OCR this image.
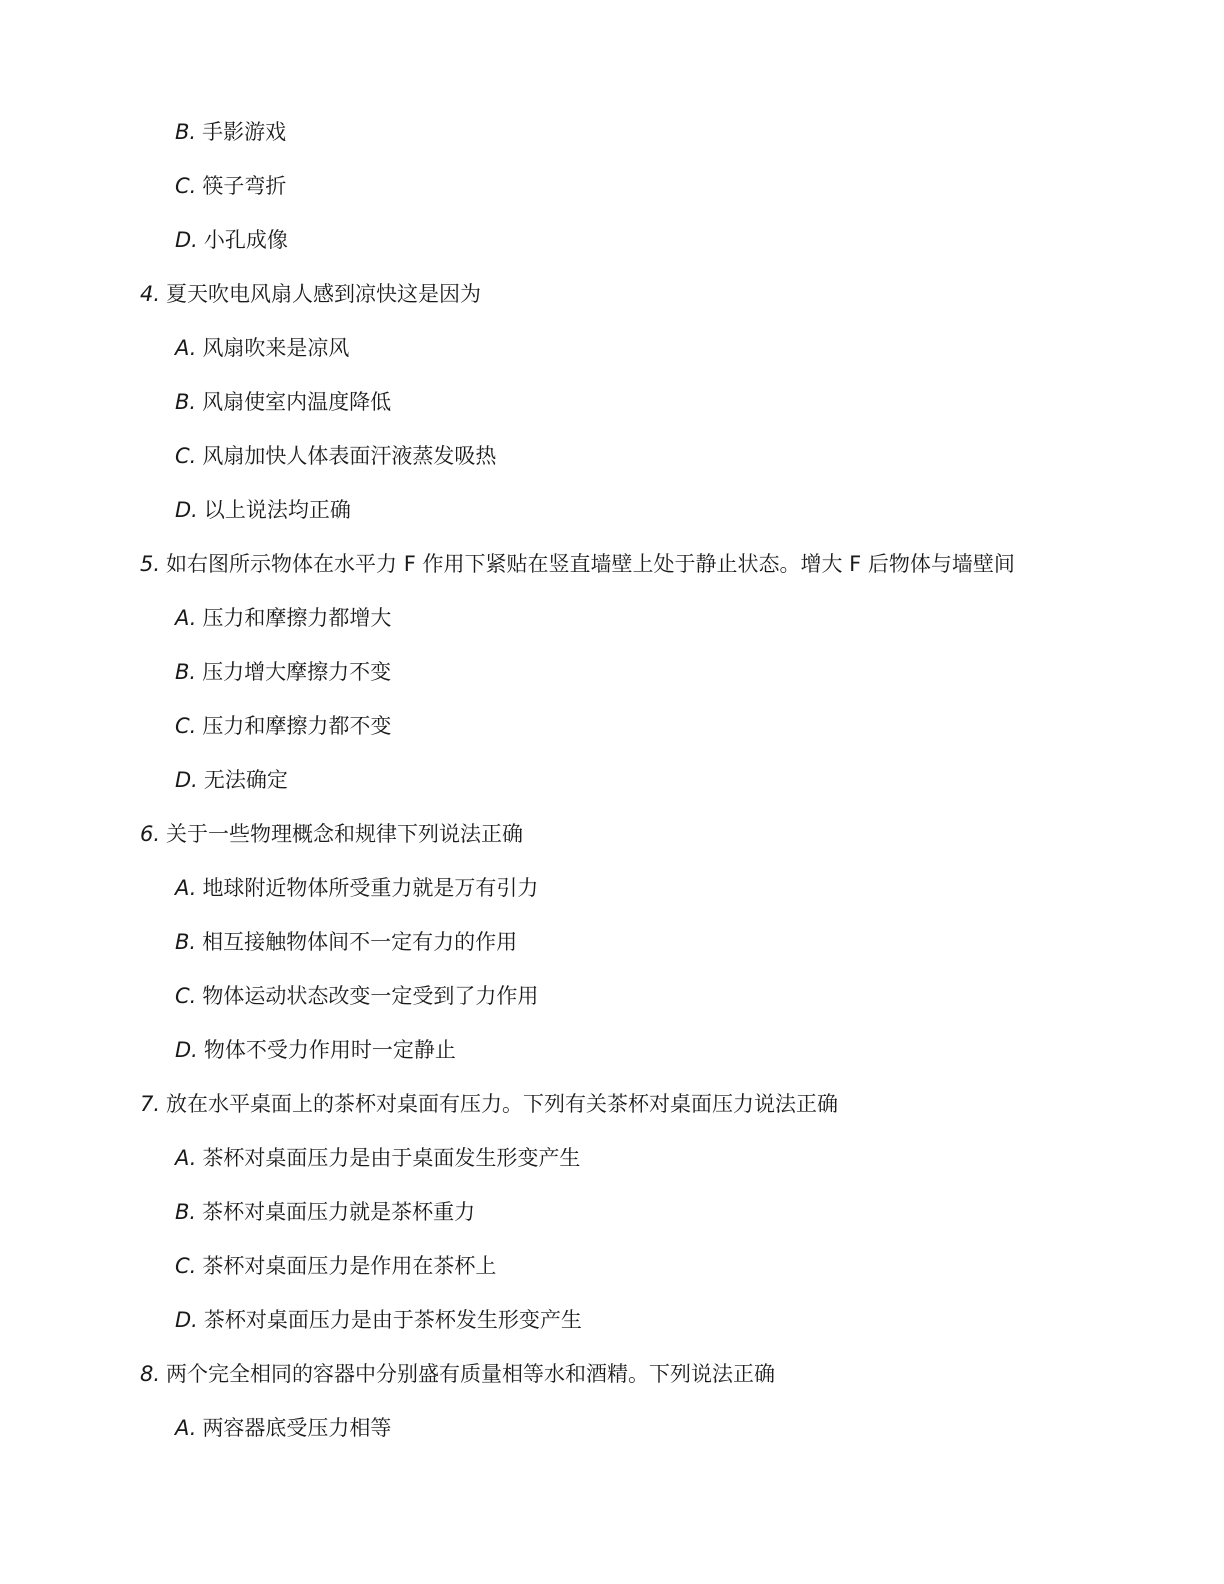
B. 手影游戏
C. 筷子弯折
D. 小孔成像
4. 夏天吹电风扇人感到凉快这是因为
A. 风扇吹来是凉风
B. 风扇使室内温度降低
C. 风扇加快人体表面汗液蒸发吸热
D. 以上说法均正确
5. 如右图所示物体在水平力 F 作用下紧贴在竖直墙壁上处于静止状态。增大 F 后物体与墙壁间
A. 压力和摩擦力都增大
B. 压力增大摩擦力不变
C. 压力和摩擦力都不变
D. 无法确定
6. 关于一些物理概念和规律下列说法正确
A. 地球附近物体所受重力就是万有引力
B. 相互接触物体间不一定有力的作用
C. 物体运动状态改变一定受到了力作用
D. 物体不受力作用时一定静止
7. 放在水平桌面上的茶杯对桌面有压力。下列有关茶杯对桌面压力说法正确
A. 茶杯对桌面压力是由于桌面发生形变产生
B. 茶杯对桌面压力就是茶杯重力
C. 茶杯对桌面压力是作用在茶杯上
D. 茶杯对桌面压力是由于茶杯发生形变产生
8. 两个完全相同的容器中分别盛有质量相等水和酒精。下列说法正确
A. 两容器底受压力相等
